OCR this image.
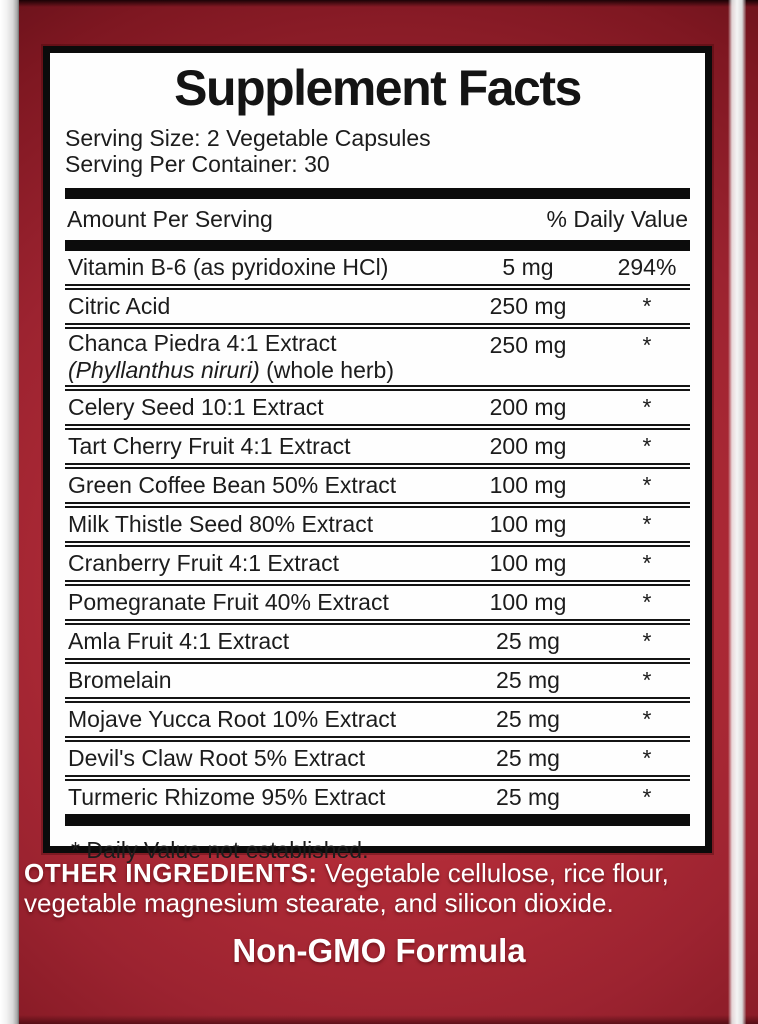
Supplement Facts
Serving Size: 2 Vegetable Capsules
Serving Per Container: 30
Amount Per Serving	% Daily Value
Vitamin B-6 (as pyridoxine HCl)	5 mg	294%
Citric Acid	250 mg	*
Chanca Piedra 4:1 Extract
(Phyllanthus niruri) (whole herb)
250 mg	*
Celery Seed 10:1 Extract	200 mg	*
Tart Cherry Fruit 4:1 Extract	200 mg	*
Green Coffee Bean 50% Extract	100 mg	*
Milk Thistle Seed 80% Extract	100 mg	*
Cranberry Fruit 4:1 Extract	100 mg	*
Pomegranate Fruit 40% Extract	100 mg	*
Amla Fruit 4:1 Extract	25 mg	*
Bromelain	25 mg	*
Mojave Yucca Root 10% Extract	25 mg	*
Devil's Claw Root 5% Extract	25 mg	*
Turmeric Rhizome 95% Extract	25 mg	*
* Daily Value not established.

OTHER INGREDIENTS: Vegetable cellulose, rice flour, vegetable magnesium stearate, and silicon dioxide.

Non-GMO Formula
